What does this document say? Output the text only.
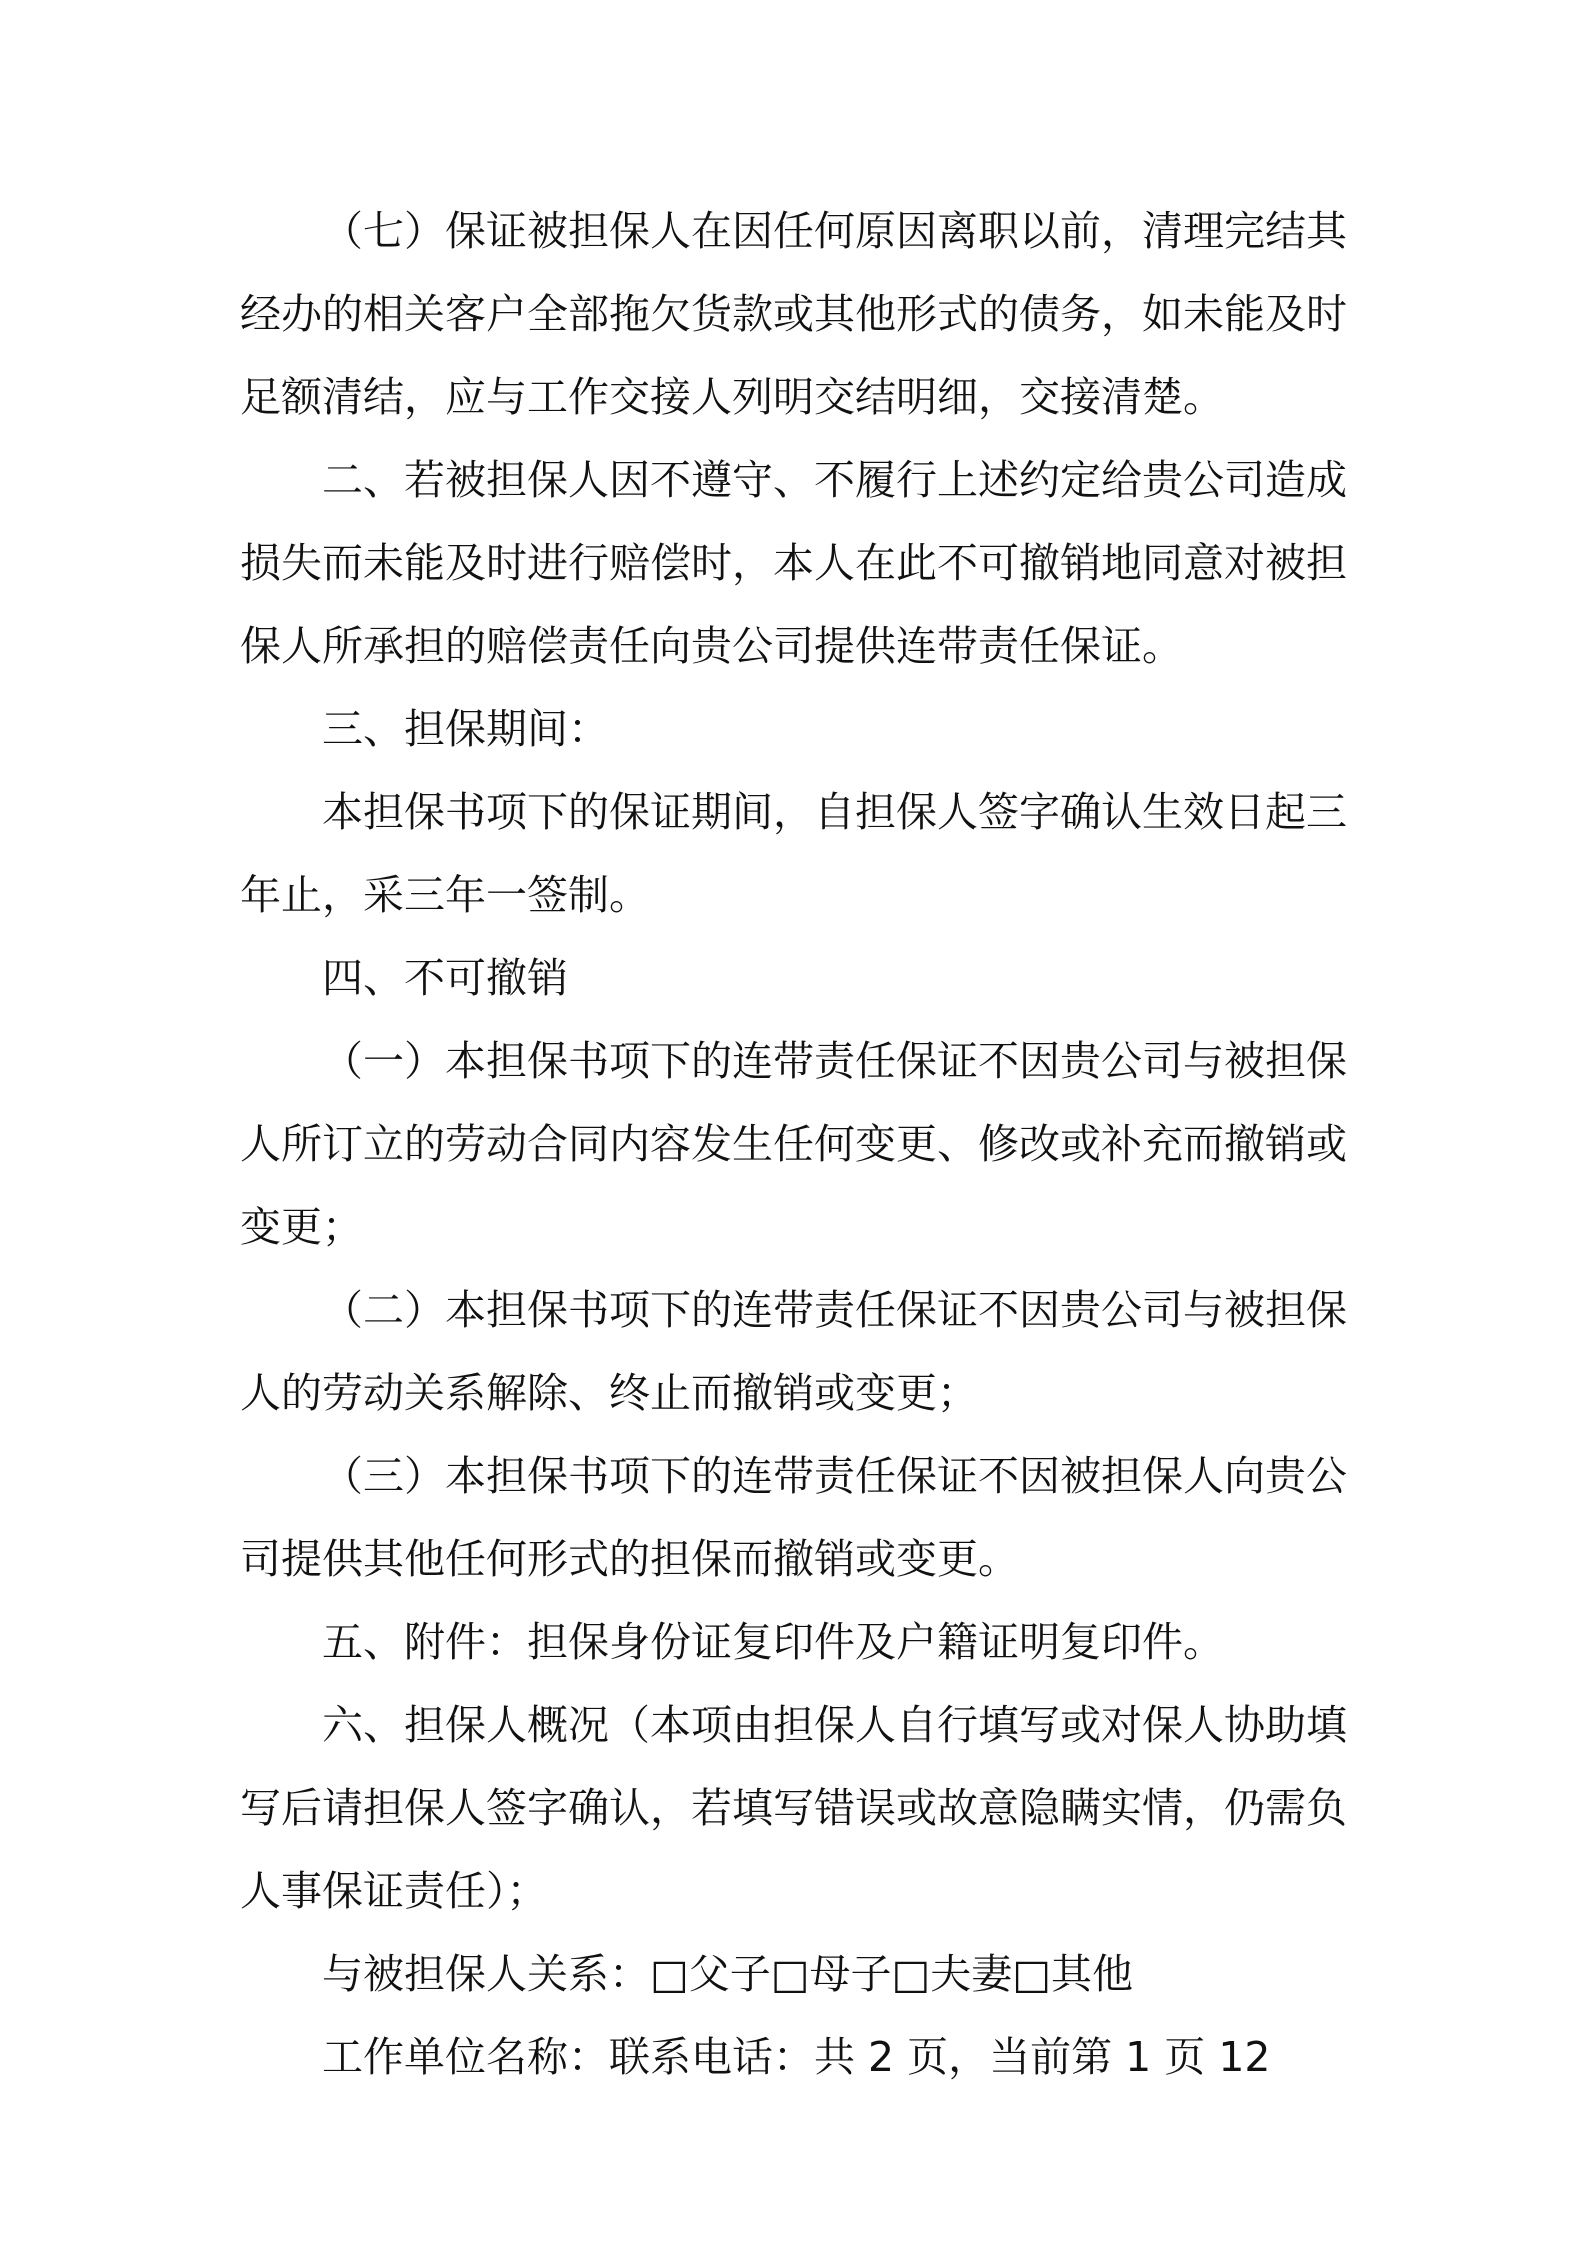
（七）保证被担保人在因任何原因离职以前，清理完结其经办的相关客户全部拖欠货款或其他形式的债务，如未能及时足额清结，应与工作交接人列明交结明细，交接清楚。

二、若被担保人因不遵守、不履行上述约定给贵公司造成损失而未能及时进行赔偿时，本人在此不可撤销地同意对被担保人所承担的赔偿责任向贵公司提供连带责任保证。

三、担保期间：

本担保书项下的保证期间，自担保人签字确认生效日起三年止，采三年一签制。

四、不可撤销

（一）本担保书项下的连带责任保证不因贵公司与被担保人所订立的劳动合同内容发生任何变更、修改或补充而撤销或变更；

（二）本担保书项下的连带责任保证不因贵公司与被担保人的劳动关系解除、终止而撤销或变更；

（三）本担保书项下的连带责任保证不因被担保人向贵公司提供其他任何形式的担保而撤销或变更。

五、附件：担保身份证复印件及户籍证明复印件。

六、担保人概况（本项由担保人自行填写或对保人协助填写后请担保人签字确认，若填写错误或故意隐瞒实情，仍需负人事保证责任）；

与被担保人关系：□父子□母子□夫妻□其他

工作单位名称：联系电话：共 2 页，当前第 1 页 12
